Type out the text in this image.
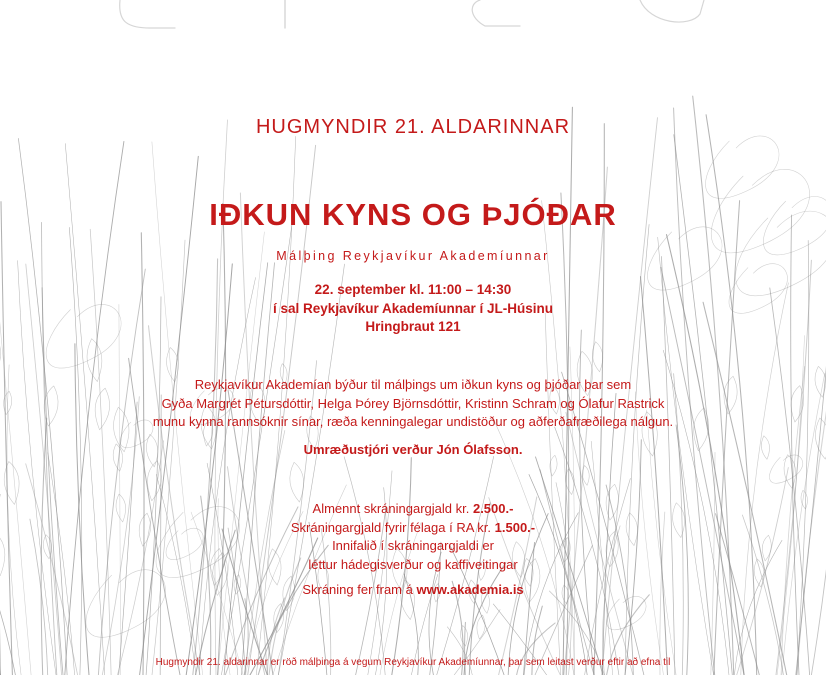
HUGMYNDIR 21. ALDARINNAR

IÐKUN KYNS OG ÞJÓÐAR

Málþing Reykjavíkur Akademíunnar

22. september kl. 11:00 – 14:30
í sal Reykjavíkur Akademíunnar í JL-Húsinu
Hringbraut 121
Reykjavíkur Akademían býður til málþings um iðkun kyns og þjóðar þar sem
Gyða Margrét Pétursdóttir, Helga Þórey Björnsdóttir, Kristinn Schram og Ólafur Rastrick
munu kynna rannsóknir sínar, ræða kenningalegar undistöður og aðferðafræðilega nálgun.

Umræðustjóri verður Jón Ólafsson.

Almennt skráningargjald kr. 2.500.-
Skráningargjald fyrir félaga í RA kr. 1.500.-
Innifalið í skráningargjaldi er
léttur hádegisverður og kaffiveitingar
Skráning fer fram á www.akademia.is

Hugmyndir 21. aldarinnar er röð málþinga á vegum Reykjavíkur Akademíunnar, þar sem leitast verður eftir að efna til
